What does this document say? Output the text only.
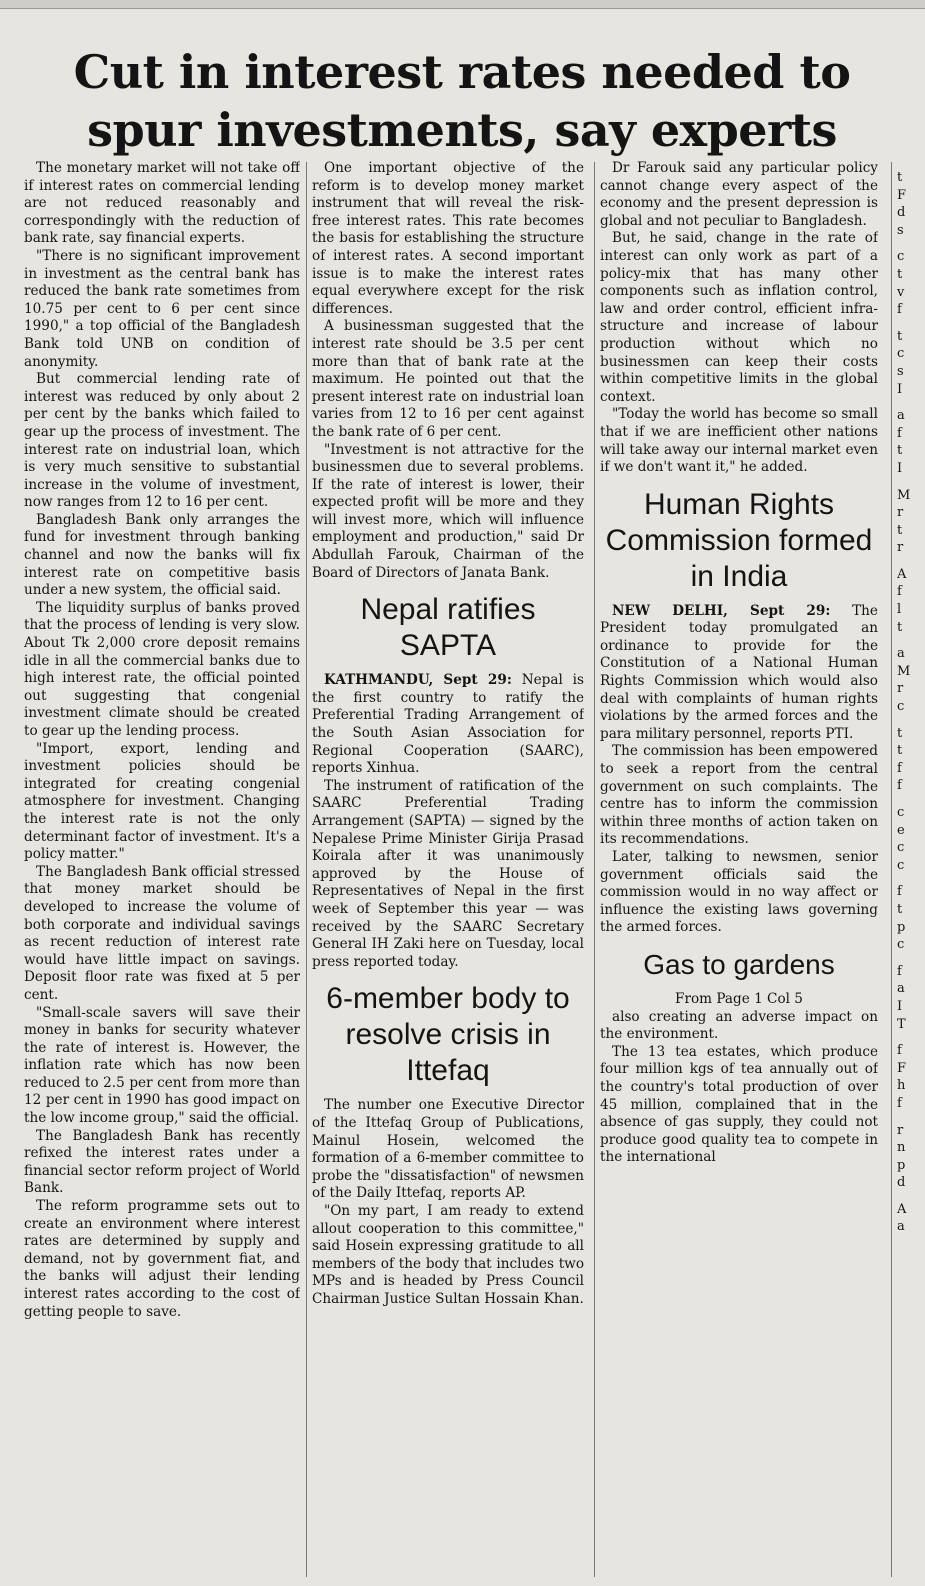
Cut in interest rates needed to spur investments, say experts

The monetary market will not take off if interest rates on commercial lending are not reduced reasonably and correspondingly with the reduction of bank rate, say financial experts.

"There is no significant improvement in investment as the central bank has reduced the bank rate sometimes from 10.75 per cent to 6 per cent since 1990," a top official of the Bangladesh Bank told UNB on condition of anonymity.

But commercial lending rate of interest was reduced by only about 2 per cent by the banks which failed to gear up the process of investment. The interest rate on industrial loan, which is very much sensitive to substantial increase in the volume of investment, now ranges from 12 to 16 per cent.

Bangladesh Bank only arranges the fund for investment through banking channel and now the banks will fix interest rate on competitive basis under a new system, the official said.

The liquidity surplus of banks proved that the process of lending is very slow. About Tk 2,000 crore deposit remains idle in all the commercial banks due to high interest rate, the official pointed out suggesting that congenial investment climate should be created to gear up the lending process.

"Import, export, lending and investment policies should be integrated for creating congenial atmosphere for investment. Changing the interest rate is not the only determinant factor of investment. It's a policy matter."

The Bangladesh Bank official stressed that money market should be developed to increase the volume of both corporate and individual savings as recent reduction of interest rate would have little impact on savings. Deposit floor rate was fixed at 5 per cent.

"Small-scale savers will save their money in banks for security whatever the rate of interest is. However, the inflation rate which has now been reduced to 2.5 per cent from more than 12 per cent in 1990 has good impact on the low income group," said the official.

The Bangladesh Bank has recently refixed the interest rates under a financial sector reform project of World Bank.

The reform programme sets out to create an environment where interest rates are determined by supply and demand, not by government fiat, and the banks will adjust their lending interest rates according to the cost of getting people to save.

One important objective of the reform is to develop money market instrument that will reveal the risk-free interest rates. This rate becomes the basis for establishing the structure of interest rates. A second important issue is to make the interest rates equal everywhere except for the risk differences.

A businessman suggested that the interest rate should be 3.5 per cent more than that of bank rate at the maximum. He pointed out that the present interest rate on industrial loan varies from 12 to 16 per cent against the bank rate of 6 per cent.

"Investment is not attractive for the businessmen due to several problems. If the rate of interest is lower, their expected profit will be more and they will invest more, which will influence employment and production," said Dr Abdullah Farouk, Chairman of the Board of Directors of Janata Bank.

Nepal ratifies SAPTA

KATHMANDU, Sept 29: Nepal is the first country to ratify the Preferential Trading Arrangement of the South Asian Association for Regional Cooperation (SAARC), reports Xinhua.

The instrument of ratification of the SAARC Preferential Trading Arrangement (SAPTA) — signed by the Nepalese Prime Minister Girija Prasad Koirala after it was unanimously approved by the House of Representatives of Nepal in the first week of September this year — was received by the SAARC Secretary General IH Zaki here on Tuesday, local press reported today.

6-member body to resolve crisis in Ittefaq

The number one Executive Director of the Ittefaq Group of Publications, Mainul Hosein, welcomed the formation of a 6-member committee to probe the "dissatisfaction" of newsmen of the Daily Ittefaq, reports AP.

"On my part, I am ready to extend allout cooperation to this committee," said Hosein expressing gratitude to all members of the body that includes two MPs and is headed by Press Council Chairman Justice Sultan Hossain Khan.

Dr Farouk said any particular policy cannot change every aspect of the economy and the present depression is global and not peculiar to Bangladesh.

But, he said, change in the rate of interest can only work as part of a policy-mix that has many other components such as inflation control, law and order control, efficient infra-structure and increase of labour production without which no businessmen can keep their costs within competitive limits in the global context.

"Today the world has become so small that if we are inefficient other nations will take away our internal market even if we don't want it," he added.

Human Rights Commission formed in India

NEW DELHI, Sept 29: The President today promulgated an ordinance to provide for the Constitution of a National Human Rights Commission which would also deal with complaints of human rights violations by the armed forces and the para military personnel, reports PTI.

The commission has been empowered to seek a report from the central government on such complaints. The centre has to inform the commission within three months of action taken on its recommendations.

Later, talking to newsmen, senior government officials said the commission would in no way affect or influence the existing laws governing the armed forces.

Gas to gardens

From Page 1 Col 5

also creating an adverse impact on the environment.

The 13 tea estates, which produce four million kgs of tea annually out of the country's total production of over 45 million, complained that in the absence of gas supply, they could not produce good quality tea to compete in the international

t

F

d

s

c

t

v

f

t

c

s

I

a

f

t

I

M

r

t

r

A

f

l

t

a

M

r

c

t

t

f

f

c

e

c

c

f

t

p

c

f

a

I

T

f

F

h

f

r

n

p

d

A

a
